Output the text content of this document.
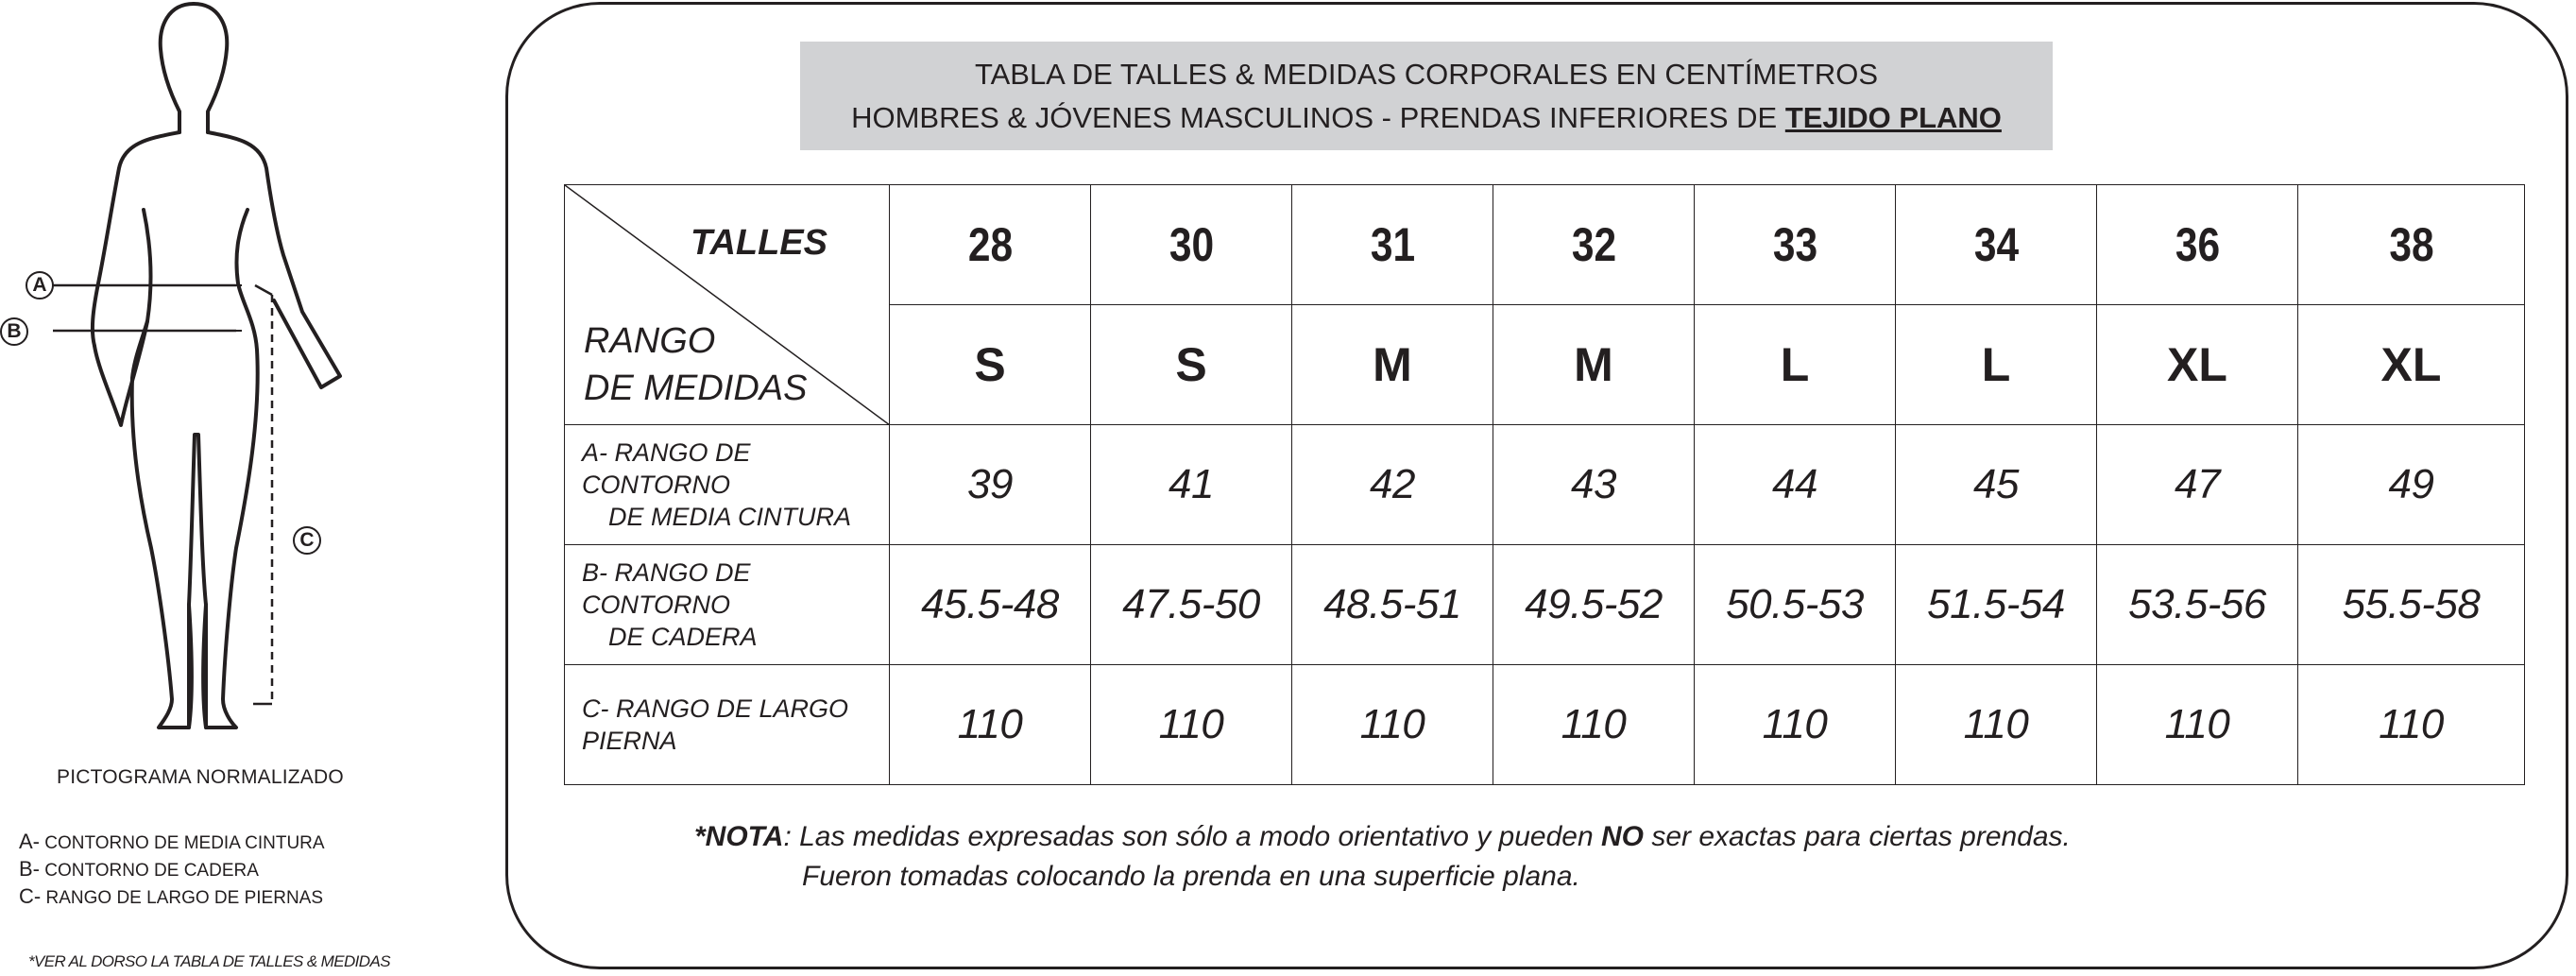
A
B
C
PICTOGRAMA NORMALIZADO
A- CONTORNO DE MEDIA CINTURA
B- CONTORNO DE CADERA
C- RANGO DE LARGO DE PIERNAS
*VER AL DORSO LA TABLA DE TALLES & MEDIDAS
TABLA DE TALLES & MEDIDAS CORPORALES EN CENTÍMETROS
HOMBRES & JÓVENES MASCULINOS - PRENDAS INFERIORES DE TEJIDO PLANO
TALLES
RANGO
DE MEDIDAS	28	30	31	32	33	34	36	38
	S	S	M	M	L	L	XL	XL

A- RANGO DE CONTORNO
DE MEDIA CINTURA	39	41	42	43	44	45	47	49

B- RANGO DE CONTORNO
DE CADERA	45.5-48	47.5-50	48.5-51	49.5-52	50.5-53	51.5-54	53.5-56	55.5-58

C- RANGO DE LARGO
PIERNA	110	110	110	110	110	110	110	110
*NOTA: Las medidas expresadas son sólo a modo orientativo y pueden NO ser exactas para ciertas prendas.
Fueron tomadas colocando la prenda en una superficie plana.
